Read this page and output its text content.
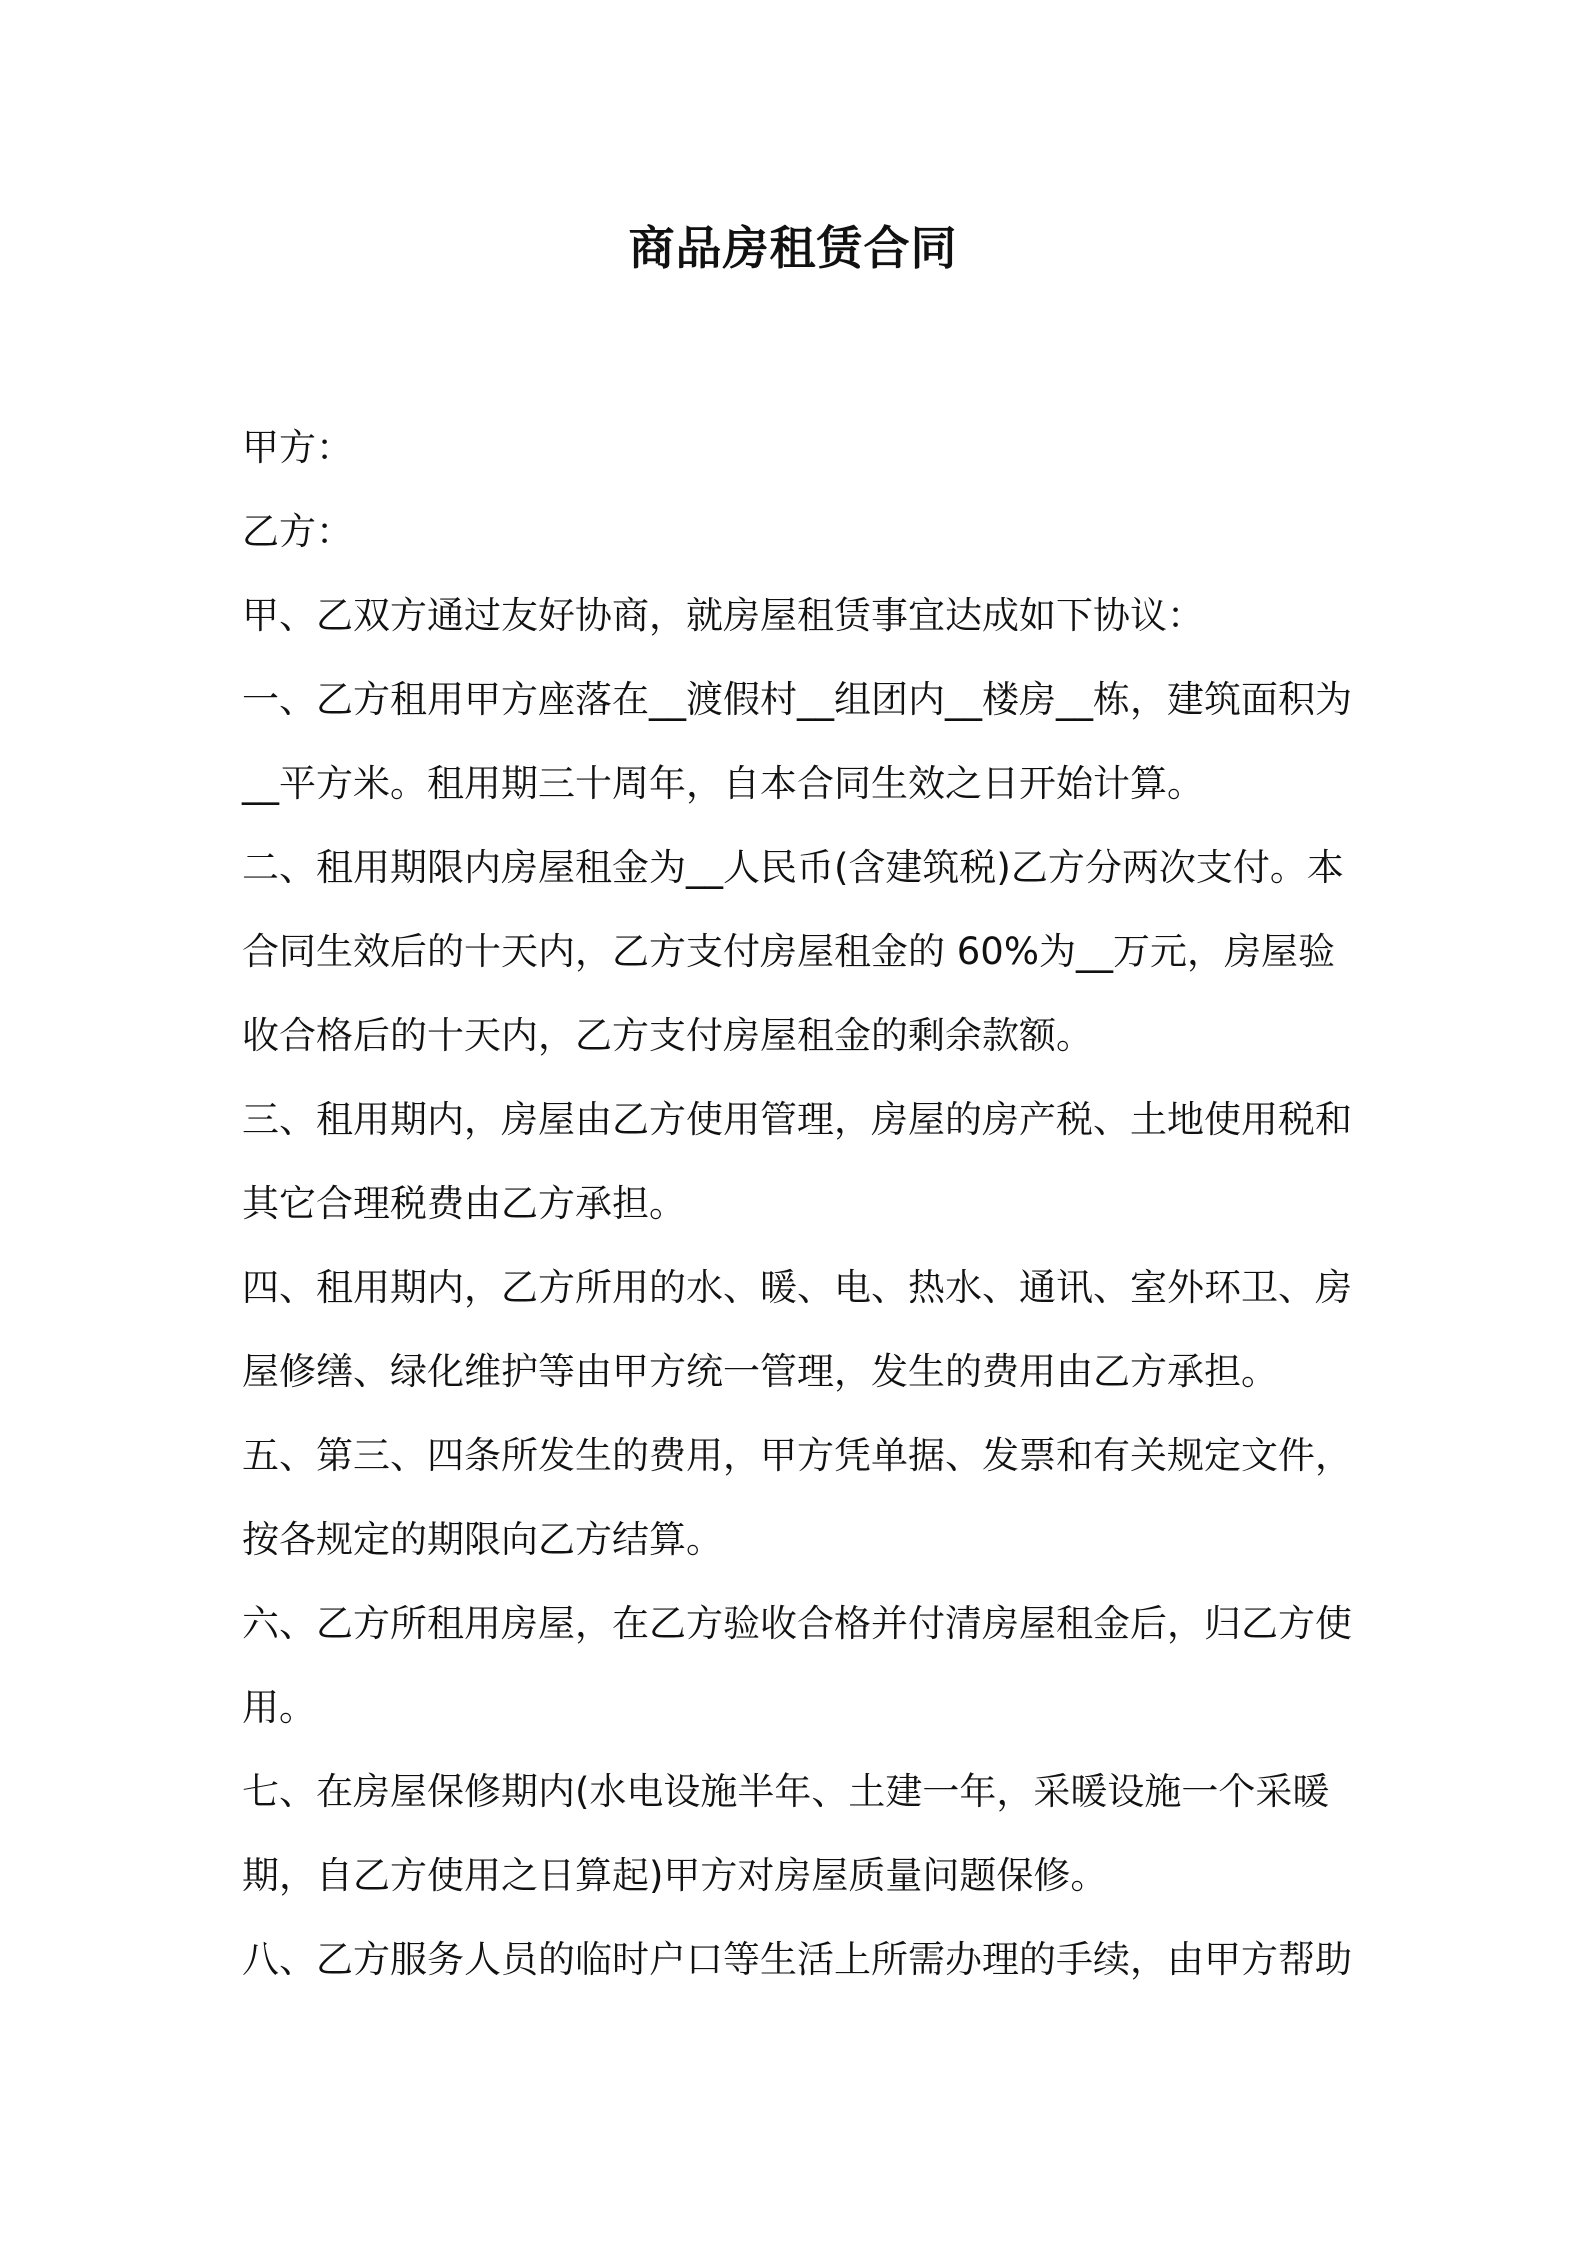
商品房租赁合同

甲方：

乙方：

甲、乙双方通过友好协商，就房屋租赁事宜达成如下协议：

一、乙方租用甲方座落在__渡假村__组团内__楼房__栋，建筑面积为__平方米。租用期三十周年，自本合同生效之日开始计算。

二、租用期限内房屋租金为__人民币(含建筑税)乙方分两次支付。本合同生效后的十天内，乙方支付房屋租金的 60%为__万元，房屋验收合格后的十天内，乙方支付房屋租金的剩余款额。

三、租用期内，房屋由乙方使用管理，房屋的房产税、土地使用税和其它合理税费由乙方承担。

四、租用期内，乙方所用的水、暖、电、热水、通讯、室外环卫、房屋修缮、绿化维护等由甲方统一管理，发生的费用由乙方承担。

五、第三、四条所发生的费用，甲方凭单据、发票和有关规定文件，按各规定的期限向乙方结算。

六、乙方所租用房屋，在乙方验收合格并付清房屋租金后，归乙方使用。

七、在房屋保修期内(水电设施半年、土建一年，采暖设施一个采暖期，自乙方使用之日算起)甲方对房屋质量问题保修。

八、乙方服务人员的临时户口等生活上所需办理的手续，由甲方帮助
